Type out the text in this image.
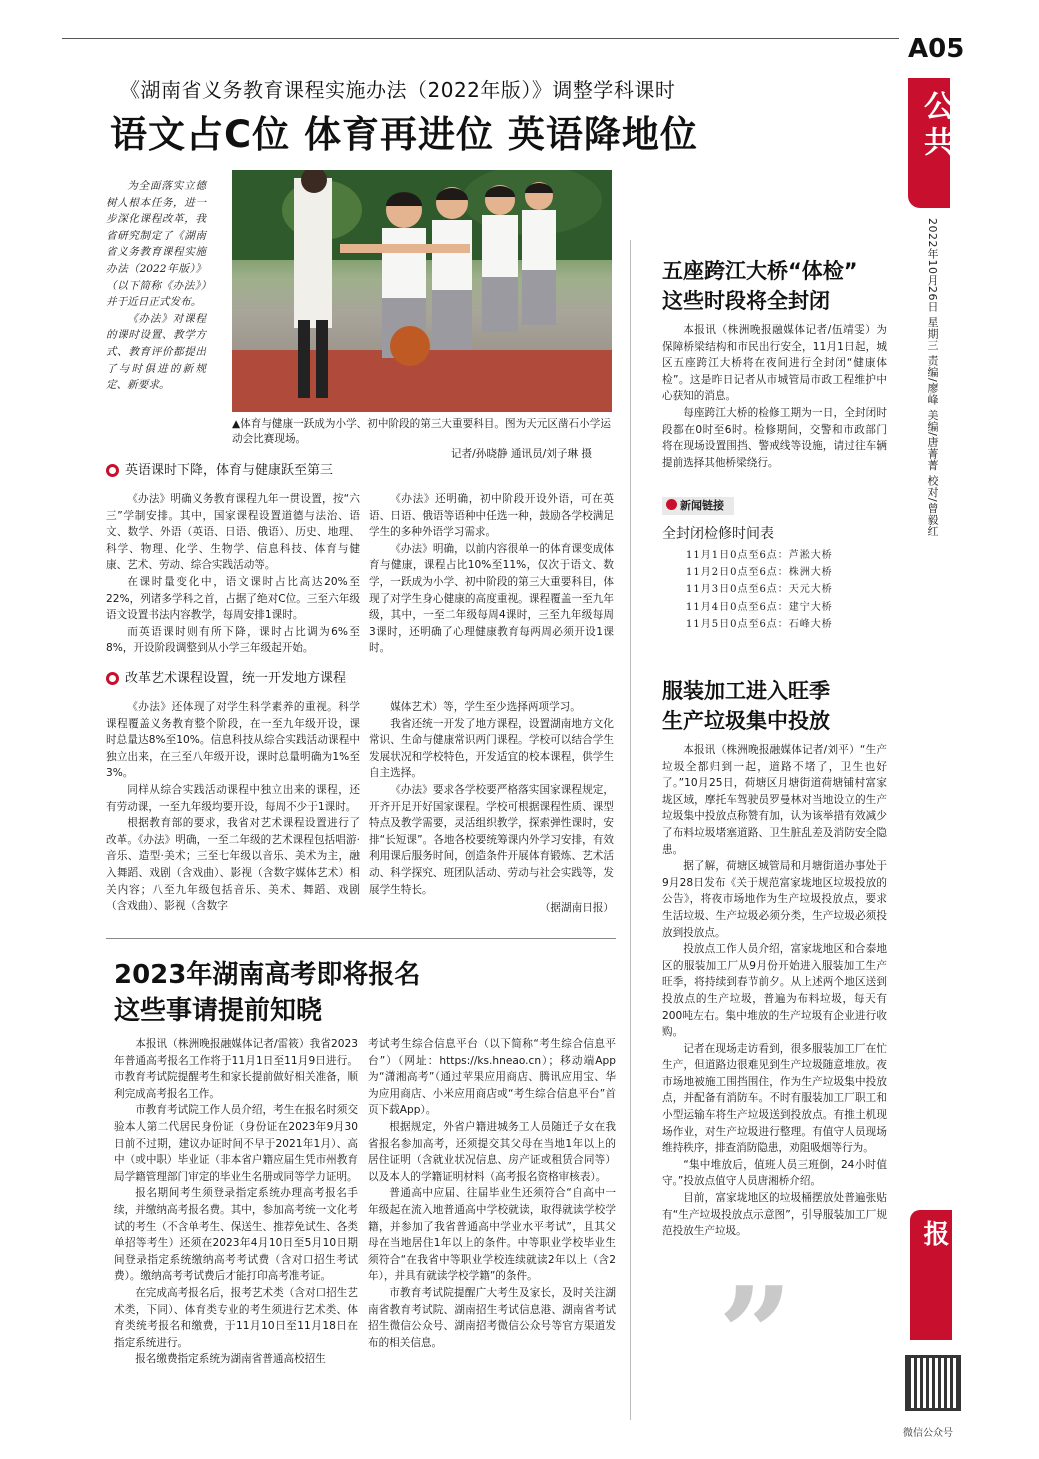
A05
公共
2022年10月26日 星期三 责编/廖峰 美编/唐菁菁 校对/曾毅红
株洲晚报
微信公众号
《湖南省义务教育课程实施办法（2022年版）》调整学科课时
语文占C位 体育再进位 英语降地位

为全面落实立德树人根本任务，进一步深化课程改革，我省研究制定了《湖南省义务教育课程实施办法（2022年版）》（以下简称《办法》）并于近日正式发布。

《办法》对课程的课时设置、教学方式、教育评价都提出了与时俱进的新规定、新要求。

▲体育与健康一跃成为小学、初中阶段的第三大重要科目。图为天元区凿石小学运动会比赛现场。
记者/孙晓静 通讯员/刘子琳 摄
英语课时下降，体育与健康跃至第三

《办法》明确义务教育课程九年一贯设置，按“六三”学制安排。其中，国家课程设置道德与法治、语文、数学、外语（英语、日语、俄语）、历史、地理、科学、物理、化学、生物学、信息科技、体育与健康、艺术、劳动、综合实践活动等。

在课时量变化中，语文课时占比高达20%至22%，列诸多学科之首，占据了绝对C位。三至六年级语文设置书法内容教学，每周安排1课时。

而英语课时则有所下降，课时占比调为6%至8%，开设阶段调整到从小学三年级起开始。

《办法》还明确，初中阶段开设外语，可在英语、日语、俄语等语种中任选一种，鼓励各学校满足学生的多种外语学习需求。

《办法》明确，以前内容很单一的体育课变成体育与健康，课程占比10%至11%，仅次于语文、数学，一跃成为小学、初中阶段的第三大重要科目，体现了对学生身心健康的高度重视。课程覆盖一至九年级，其中，一至二年级每周4课时，三至九年级每周3课时，还明确了心理健康教育每两周必须开设1课时。

改革艺术课程设置，统一开发地方课程

《办法》还体现了对学生科学素养的重视。科学课程覆盖义务教育整个阶段，在一至九年级开设，课时总量达8%至10%。信息科技从综合实践活动课程中独立出来，在三至八年级开设，课时总量明确为1%至3%。

同样从综合实践活动课程中独立出来的课程，还有劳动课，一至九年级均要开设，每周不少于1课时。

根据教育部的要求，我省对艺术课程设置进行了改革。《办法》明确，一至二年级的艺术课程包括唱游·音乐、造型·美术；三至七年级以音乐、美术为主，融入舞蹈、戏剧（含戏曲）、影视（含数字媒体艺术）相关内容；八至九年级包括音乐、美术、舞蹈、戏剧（含戏曲）、影视（含数字

媒体艺术）等，学生至少选择两项学习。

我省还统一开发了地方课程，设置湖南地方文化常识、生命与健康常识两门课程。学校可以结合学生发展状况和学校特色，开发适宜的校本课程，供学生自主选择。

《办法》要求各学校要严格落实国家课程规定，开齐开足开好国家课程。学校可根据课程性质、课型特点及教学需要，灵活组织教学，探索弹性课时，安排“长短课”。各地各校要统筹课内外学习安排，有效利用课后服务时间，创造条件开展体育锻炼、艺术活动、科学探究、班团队活动、劳动与社会实践等，发展学生特长。

（据湖南日报）
五座跨江大桥“体检”
这些时段将全封闭

本报讯（株洲晚报融媒体记者/伍靖雯）为保障桥梁结构和市民出行安全，11月1日起，城区五座跨江大桥将在夜间进行全封闭“健康体检”。这是昨日记者从市城管局市政工程维护中心获知的消息。

每座跨江大桥的检修工期为一日，全封闭时段都在0时至6时。检修期间，交警和市政部门将在现场设置围挡、警戒线等设施，请过往车辆提前选择其他桥梁绕行。

新闻链接
全封闭检修时间表
11月1日0点至6点：芦淞大桥
11月2日0点至6点：株洲大桥
11月3日0点至6点：天元大桥
11月4日0点至6点：建宁大桥
11月5日0点至6点：石峰大桥
服装加工进入旺季
生产垃圾集中投放

本报讯（株洲晚报融媒体记者/刘平）“生产垃圾全都归到一起，道路不堵了，卫生也好了。”10月25日，荷塘区月塘街道荷塘铺村富家垅区域，摩托车驾驶员罗曼林对当地设立的生产垃圾集中投放点称赞有加，认为该举措有效减少了布料垃圾堵塞道路、卫生脏乱差及消防安全隐患。

据了解，荷塘区城管局和月塘街道办事处于9月28日发布《关于规范富家垅地区垃圾投放的公告》，将夜市场地作为生产垃圾投放点，要求生活垃圾、生产垃圾必须分类，生产垃圾必须投放到投放点。

投放点工作人员介绍，富家垅地区和合泰地区的服装加工厂从9月份开始进入服装加工生产旺季，将持续到春节前夕。从上述两个地区送到投放点的生产垃圾，普遍为布料垃圾，每天有200吨左右。集中堆放的生产垃圾有企业进行收购。

记者在现场走访看到，很多服装加工厂在忙生产，但道路边很难见到生产垃圾随意堆放。夜市场地被施工围挡围住，作为生产垃圾集中投放点，并配备有消防车。不时有服装加工厂职工和小型运输车将生产垃圾送到投放点。有推土机现场作业，对生产垃圾进行整理。有值守人员现场维持秩序，排查消防隐患，劝阻吸烟等行为。

“集中堆放后，值班人员三班倒，24小时值守。”投放点值守人员唐湘桥介绍。

目前，富家垅地区的垃圾桶摆放处普遍张贴有“生产垃圾投放点示意图”，引导服装加工厂规范投放生产垃圾。

2023年湖南高考即将报名
这些事请提前知晓

本报讯（株洲晚报融媒体记者/雷筱）我省2023年普通高考报名工作将于11月1日至11月9日进行。市教育考试院提醒考生和家长提前做好相关准备，顺利完成高考报名工作。

市教育考试院工作人员介绍，考生在报名时须交验本人第二代居民身份证（身份证在2023年9月30日前不过期，建议办证时间不早于2021年1月）、高中（或中职）毕业证（非本省户籍应届生凭市州教育局学籍管理部门审定的毕业生名册或同等学力证明。

报名期间考生须登录指定系统办理高考报名手续，并缴纳高考报名费。其中，参加高考统一文化考试的考生（不含单考生、保送生、推荐免试生、各类单招等考生）还须在2023年4月10日至5月10日期间登录指定系统缴纳高考考试费（含对口招生考试费）。缴纳高考考试费后才能打印高考准考证。

在完成高考报名后，报考艺术类（含对口招生艺术类，下同）、体育类专业的考生须进行艺术类、体育类统考报名和缴费，于11月10日至11月18日在指定系统进行。

报名缴费指定系统为湖南省普通高校招生

考试考生综合信息平台（以下简称“考生综合信息平台”）（网址：https://ks.hneao.cn）；移动端App为“潇湘高考”（通过苹果应用商店、腾讯应用宝、华为应用商店、小米应用商店或“考生综合信息平台”首页下载App）。

根据规定，外省户籍进城务工人员随迁子女在我省报名参加高考，还须提交其父母在当地1年以上的居住证明（含就业状况信息、房产证或租赁合同等）以及本人的学籍证明材料（高考报名资格审核表）。

普通高中应届、往届毕业生还须符合“自高中一年级起在流入地普通高中学校就读，取得就读学校学籍，并参加了我省普通高中学业水平考试”，且其父母在当地居住1年以上的条件。中等职业学校毕业生须符合“在我省中等职业学校连续就读2年以上（含2年），并具有就读学校学籍”的条件。

市教育考试院提醒广大考生及家长，及时关注湖南省教育考试院、湖南招生考试信息港、湖南省考试招生微信公众号、湖南招考微信公众号等官方渠道发布的相关信息。	”
